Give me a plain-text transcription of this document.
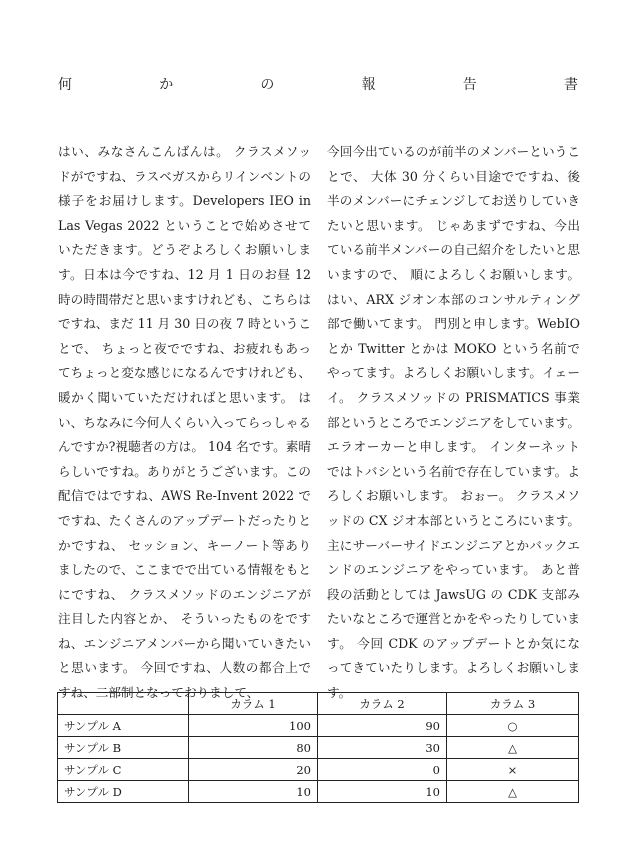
何	か	の	報	告	書

はい、みなさんこんばんは。 クラスメソッドがですね、ラスベガスからリインベントの様子をお届けします。Developers IEO in Las Vegas 2022 ということで始めさせていただきます。どうぞよろしくお願いします。日本は今ですね、12 月 1 日のお昼 12 時の時間帯だと思いますけれども、こちらはですね、まだ 11 月 30 日の夜 7 時ということで、 ちょっと夜でですね、お疲れもあってちょっと変な感じになるんですけれども、暖かく聞いていただければと思います。 はい、ちなみに今何人くらい入ってらっしゃるんですか?視聴者の方は。 104 名です。素晴らしいですね。ありがとうございます。この配信ではですね、AWS Re-Invent 2022 でですね、たくさんのアップデートだったりとかですね、 セッション、キーノート等ありましたので、ここまでで出ている情報をもとにですね、 クラスメソッドのエンジニアが注目した内容とか、 そういったものをですね、エンジニアメンバーから聞いていきたいと思います。 今回ですね、人数の都合上ですね、二部制となっておりまして、

今回今出ているのが前半のメンバーということで、 大体 30 分くらい目途でですね、後半のメンバーにチェンジしてお送りしていきたいと思います。 じゃあまずですね、今出ている前半メンバーの自己紹介をしたいと思いますので、 順によろしくお願いします。 はい、ARX ジオン本部のコンサルティング部で働いてます。 門別と申します。WebIO とか Twitter とかは MOKO という名前でやってます。よろしくお願いします。イェーイ。 クラスメソッドの PRISMATICS 事業部というところでエンジニアをしています。 エラオーカーと申します。 インターネットではトバシという名前で存在しています。よろしくお願いします。 おぉー。 クラスメソッドの CX ジオ本部というところにいます。 主にサーバーサイドエンジニアとかバックエンドのエンジニアをやっています。 あと普段の活動としては JawsUG の CDK 支部みたいなところで運営とかをやったりしています。 今回 CDK のアップデートとか気になってきていたりします。よろしくお願いします。

	カラム 1	カラム 2	カラム 3
サンプル A	100	90	○
サンプル B	80	30	△
サンプル C	20	0	×
サンプル D	10	10	△
